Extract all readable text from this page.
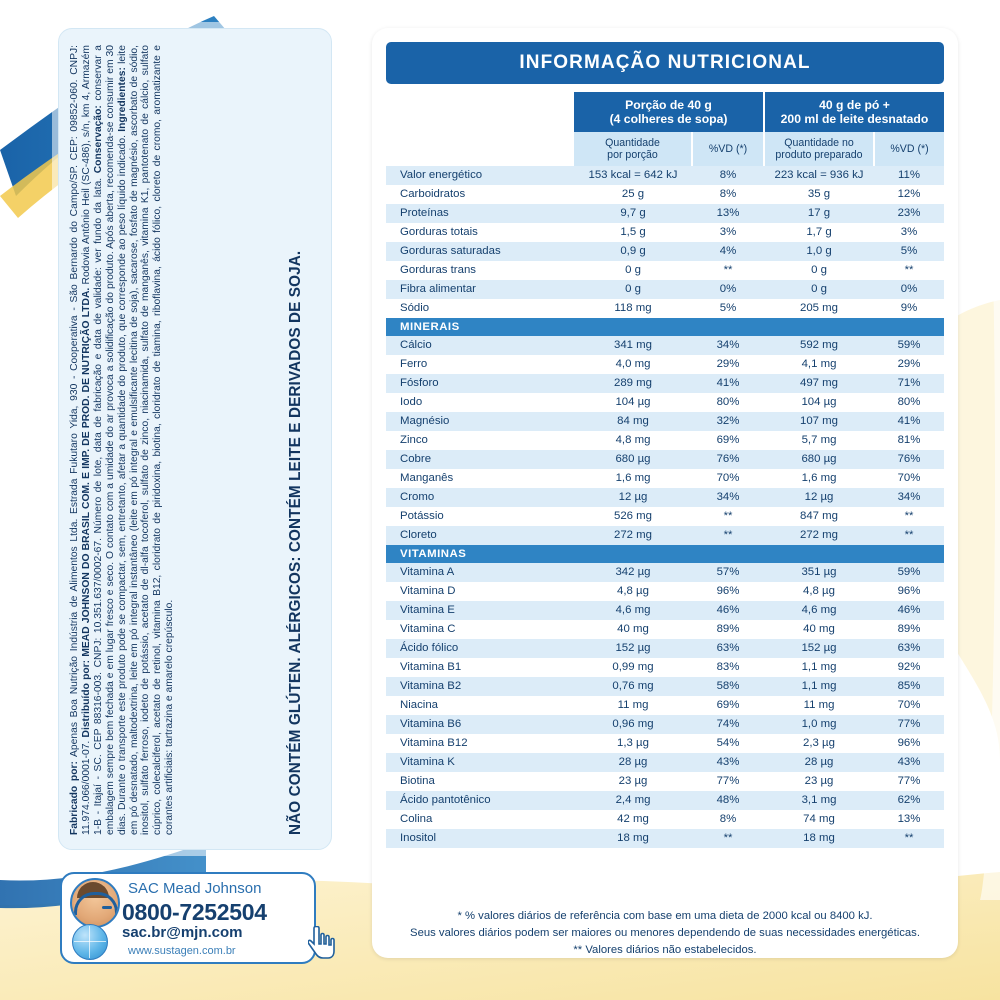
Fabricado por: Apenas Boa Nutrição Indústria de Alimentos Ltda. Estrada Fukutaro Yida, 930 - Cooperativa - São Bernardo do Campo/SP. CEP: 09852-060. CNPJ: 11.974.066/0001-07. Distribuído por: MEAD JOHNSON DO BRASIL COM. E IMP. DE PROD. DE NUTRIÇÃO LTDA. Rodovia Antônio Heil (SC-486), s/n, km 4, Armazém 1-B - Itajaí - SC. CEP 88316-003. CNPJ: 10.351.637/0002-67. Número de lote, data de fabricação e data de validade: ver fundo da lata. Conservação: conservar a embalagem sempre bem fechada e em lugar fresco e seco. O contato com a umidade do ar provoca a solidificação do produto. Após aberta, recomenda-se consumir em 30 dias. Durante o transporte este produto pode se compactar, sem, entretanto, afetar a quantidade do produto, que corresponde ao peso líquido indicado. Ingredientes: leite em pó desnatado, maltodextrina, leite em pó integral instantâneo (leite em pó integral e emulsificante lecitina de soja), sacarose, fosfato de magnésio, ascorbato de sódio, inositol, sulfato ferroso, iodeto de potássio, acetato de dl-alfa tocoferol, sulfato de zinco, niacinamida, sulfato de manganês, vitamina K1, pantotenato de cálcio, sulfato cúprico, colecalciferol, acetato de retinol, vitamina B12, cloridrato de piridoxina, biotina, cloridrato de tiamina, riboflavina, ácido fólico, cloreto de cromo, aromatizante e corantes artificiais: tartrazina e amarelo crepúsculo.	NÃO CONTÉM GLÚTEN. ALÉRGICOS: CONTÉM LEITE E DERIVADOS DE SOJA.
SAC Mead Johnson
0800-7252504
sac.br@mjn.com
www.sustagen.com.br
INFORMAÇÃO NUTRICIONAL
	Porção de 40 g
(4 colheres de sopa)		40 g de pó +
200 ml de leite desnatado	
	Quantidade
por porção	%VD (*)	Quantidade no
produto preparado	%VD (*)
Valor energético	153 kcal = 642 kJ	8%	223 kcal = 936 kJ	11%
Carboidratos	25 g	8%	35 g	12%
Proteínas	9,7 g	13%	17 g	23%
Gorduras totais	1,5 g	3%	1,7 g	3%
Gorduras saturadas	0,9 g	4%	1,0 g	5%
Gorduras trans	0 g	**	0 g	**
Fibra alimentar	0 g	0%	0 g	0%
Sódio	118 mg	5%	205 mg	9%
MINERAIS				
Cálcio	341 mg	34%	592 mg	59%
Ferro	4,0 mg	29%	4,1 mg	29%
Fósforo	289 mg	41%	497 mg	71%
Iodo	104 µg	80%	104 µg	80%
Magnésio	84 mg	32%	107 mg	41%
Zinco	4,8 mg	69%	5,7 mg	81%
Cobre	680 µg	76%	680 µg	76%
Manganês	1,6 mg	70%	1,6 mg	70%
Cromo	12 µg	34%	12 µg	34%
Potássio	526 mg	**	847 mg	**
Cloreto	272 mg	**	272 mg	**
VITAMINAS				
Vitamina A	342 µg	57%	351 µg	59%
Vitamina D	4,8 µg	96%	4,8 µg	96%
Vitamina E	4,6 mg	46%	4,6 mg	46%
Vitamina C	40 mg	89%	40 mg	89%
Ácido fólico	152 µg	63%	152 µg	63%
Vitamina B1	0,99 mg	83%	1,1 mg	92%
Vitamina B2	0,76 mg	58%	1,1 mg	85%
Niacina	11 mg	69%	11 mg	70%
Vitamina B6	0,96 mg	74%	1,0 mg	77%
Vitamina B12	1,3 µg	54%	2,3 µg	96%
Vitamina K	28 µg	43%	28 µg	43%
Biotina	23 µg	77%	23 µg	77%
Ácido pantotênico	2,4 mg	48%	3,1 mg	62%
Colina	42 mg	8%	74 mg	13%
Inositol	18 mg	**	18 mg	**
* % valores diários de referência com base em uma dieta de 2000 kcal ou 8400 kJ.
Seus valores diários podem ser maiores ou menores dependendo de suas necessidades energéticas.
** Valores diários não estabelecidos.
